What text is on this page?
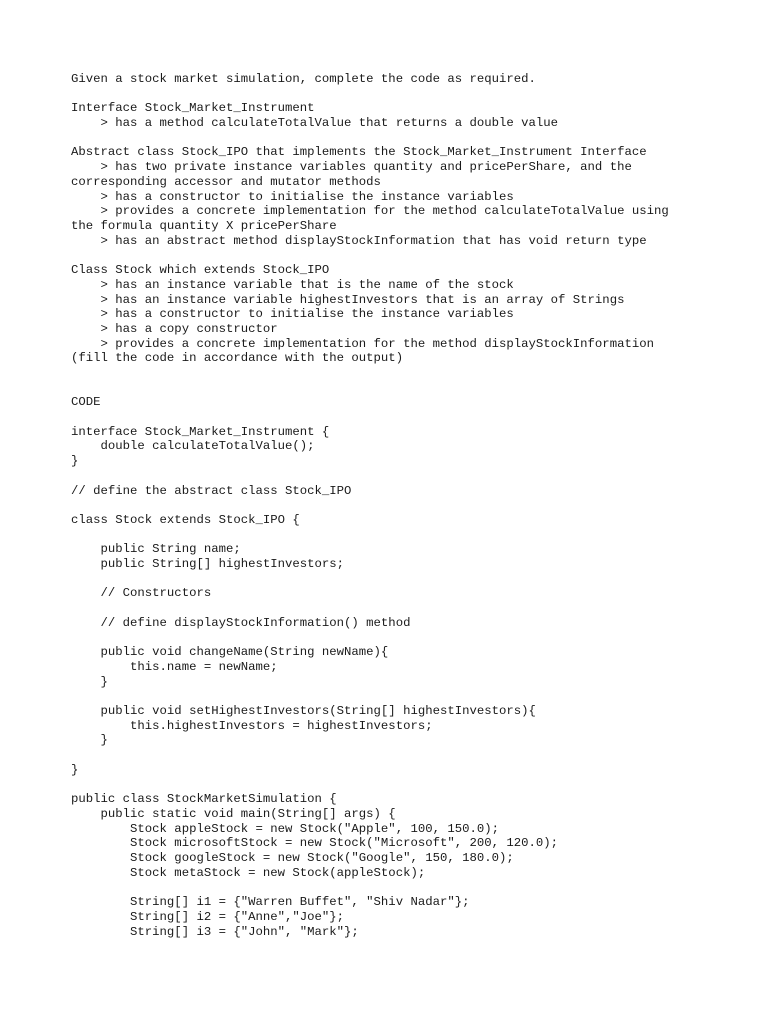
Given a stock market simulation, complete the code as required.
Interface Stock_Market_Instrument
> has a method calculateTotalValue that returns a double value
Abstract class Stock_IPO that implements the Stock_Market_Instrument Interface
> has two private instance variables quantity and pricePerShare, and the
corresponding accessor and mutator methods
> has a constructor to initialise the instance variables
> provides a concrete implementation for the method calculateTotalValue using
the formula quantity X pricePerShare
> has an abstract method displayStockInformation that has void return type
Class Stock which extends Stock_IPO
> has an instance variable that is the name of the stock
> has an instance variable highestInvestors that is an array of Strings
> has a constructor to initialise the instance variables
> has a copy constructor
> provides a concrete implementation for the method displayStockInformation
(fill the code in accordance with the output)
CODE
interface Stock_Market_Instrument {
double calculateTotalValue();
}
// define the abstract class Stock_IPO
class Stock extends Stock_IPO {
public String name;
public String[] highestInvestors;
// Constructors
// define displayStockInformation() method
public void changeName(String newName){
this.name = newName;
}
public void setHighestInvestors(String[] highestInvestors){
this.highestInvestors = highestInvestors;
}
}
public class StockMarketSimulation {
public static void main(String[] args) {
Stock appleStock = new Stock("Apple", 100, 150.0);
Stock microsoftStock = new Stock("Microsoft", 200, 120.0);
Stock googleStock = new Stock("Google", 150, 180.0);
Stock metaStock = new Stock(appleStock);
String[] i1 = {"Warren Buffet", "Shiv Nadar"};
String[] i2 = {"Anne","Joe"};
String[] i3 = {"John", "Mark"};
